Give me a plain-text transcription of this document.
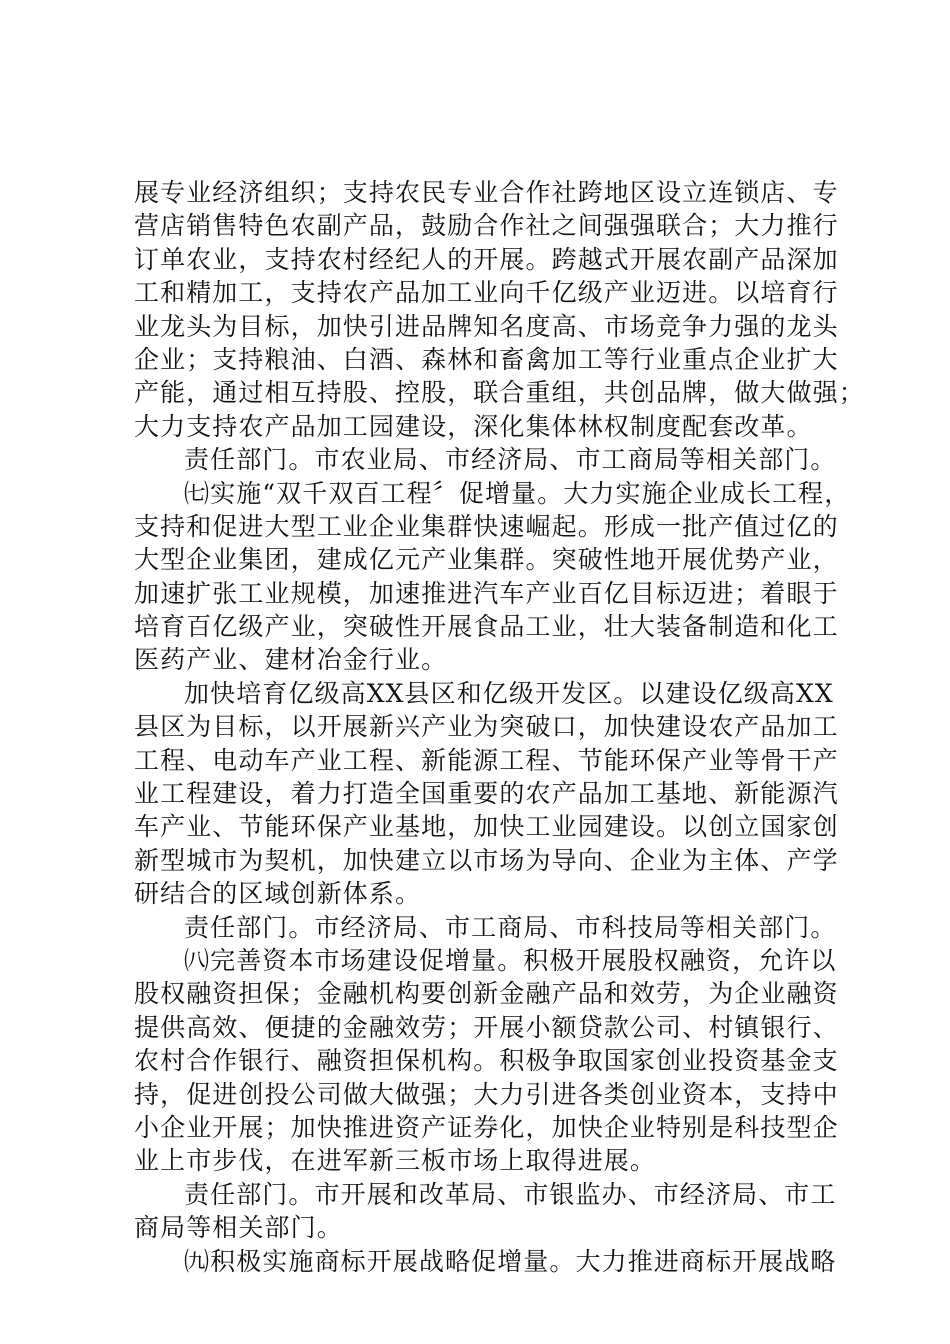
展专业经济组织；支持农民专业合作社跨地区设立连锁店、专
营店销售特色农副产品，鼓励合作社之间强强联合；大力推行
订单农业，支持农村经纪人的开展。跨越式开展农副产品深加
工和精加工，支持农产品加工业向千亿级产业迈进。以培育行
业龙头为目标，加快引进品牌知名度高、市场竞争力强的龙头
企业；支持粮油、白酒、森林和畜禽加工等行业重点企业扩大
产能，通过相互持股、控股，联合重组，共创品牌，做大做强；
大力支持农产品加工园建设，深化集体林权制度配套改革。
责任部门。市农业局、市经济局、市工商局等相关部门。
㈦实施“双千双百工程〞促增量。大力实施企业成长工程，
支持和促进大型工业企业集群快速崛起。形成一批产值过亿的
大型企业集团，建成亿元产业集群。突破性地开展优势产业，
加速扩张工业规模，加速推进汽车产业百亿目标迈进；着眼于
培育百亿级产业，突破性开展食品工业，壮大装备制造和化工
医药产业、建材冶金行业。
加快培育亿级高XX县区和亿级开发区。以建设亿级高XX
县区为目标，以开展新兴产业为突破口，加快建设农产品加工
工程、电动车产业工程、新能源工程、节能环保产业等骨干产
业工程建设，着力打造全国重要的农产品加工基地、新能源汽
车产业、节能环保产业基地，加快工业园建设。以创立国家创
新型城市为契机，加快建立以市场为导向、企业为主体、产学
研结合的区域创新体系。
责任部门。市经济局、市工商局、市科技局等相关部门。
㈧完善资本市场建设促增量。积极开展股权融资，允许以
股权融资担保；金融机构要创新金融产品和效劳，为企业融资
提供高效、便捷的金融效劳；开展小额贷款公司、村镇银行、
农村合作银行、融资担保机构。积极争取国家创业投资基金支
持，促进创投公司做大做强；大力引进各类创业资本，支持中
小企业开展；加快推进资产证券化，加快企业特别是科技型企
业上市步伐，在进军新三板市场上取得进展。
责任部门。市开展和改革局、市银监办、市经济局、市工
商局等相关部门。
㈨积极实施商标开展战略促增量。大力推进商标开展战略
